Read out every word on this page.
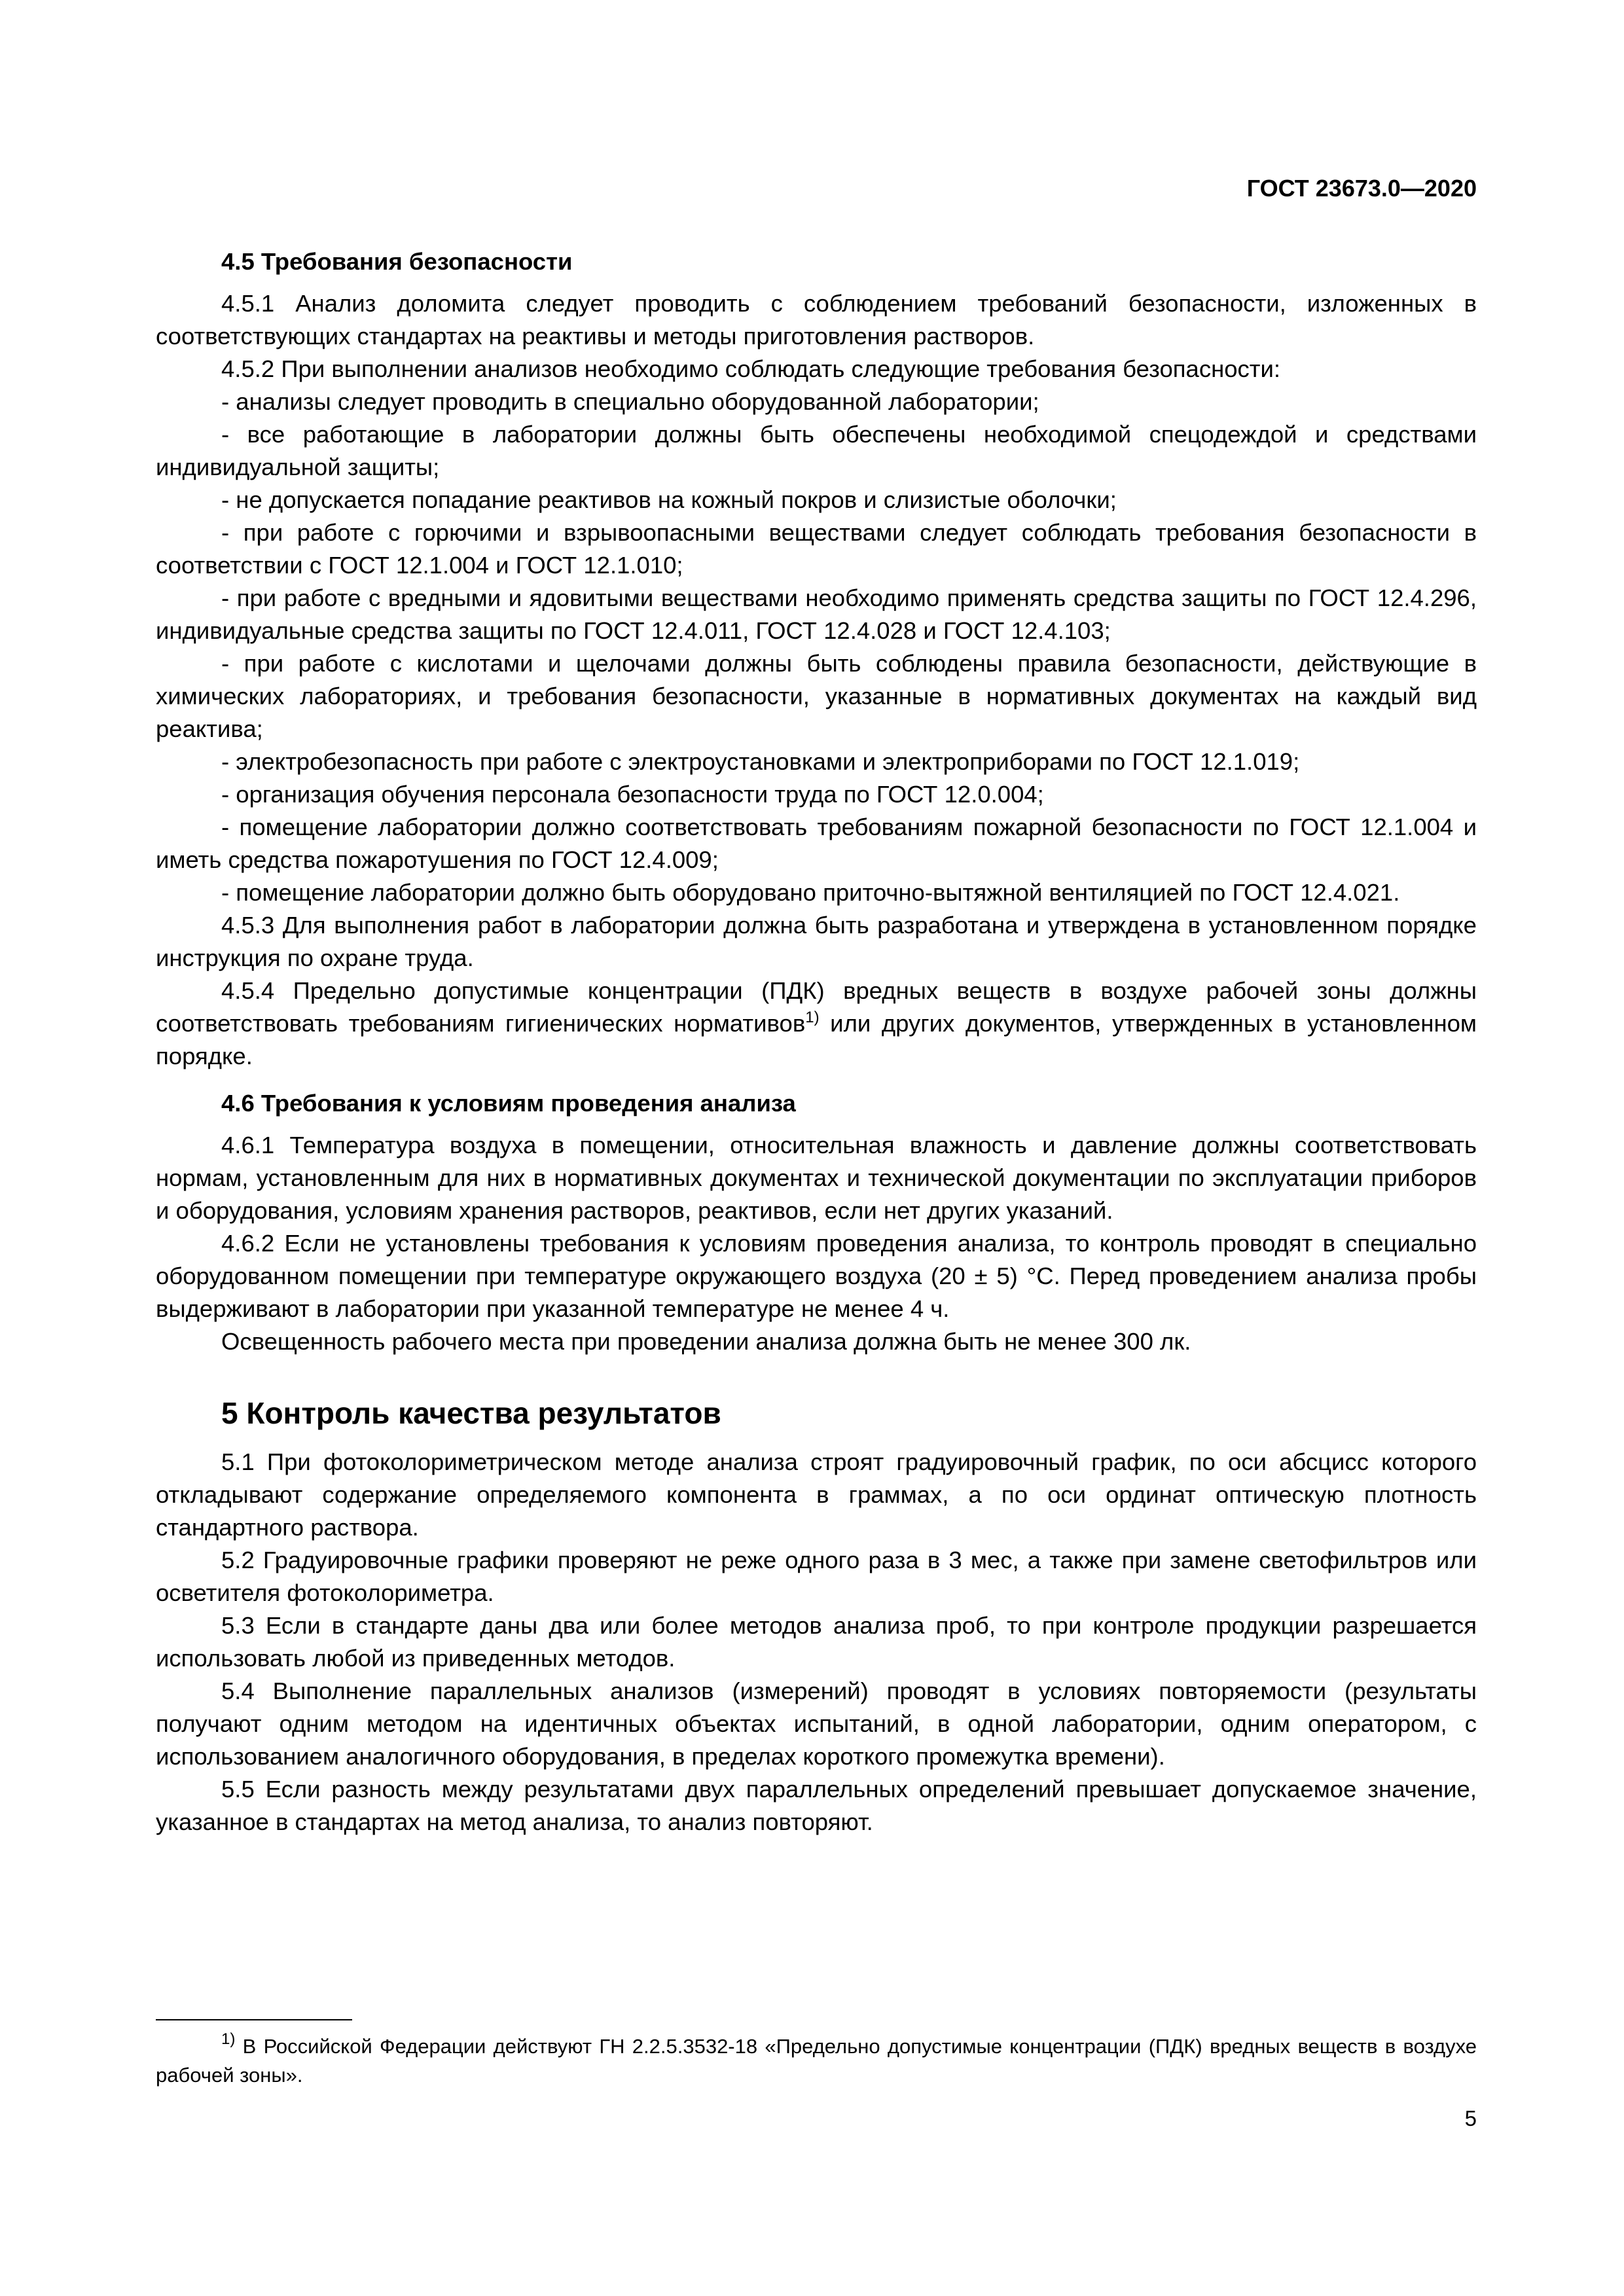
ГОСТ 23673.0—2020
4.5 Требования безопасности

4.5.1 Анализ доломита следует проводить с соблюдением требований безопасности, изложенных в соответствующих стандартах на реактивы и методы приготовления растворов.

4.5.2 При выполнении анализов необходимо соблюдать следующие требования безопасности:

- анализы следует проводить в специально оборудованной лаборатории;

- все работающие в лаборатории должны быть обеспечены необходимой спецодеждой и средствами индивидуальной защиты;

- не допускается попадание реактивов на кожный покров и слизистые оболочки;

- при работе с горючими и взрывоопасными веществами следует соблюдать требования безопасности в соответствии с ГОСТ 12.1.004 и ГОСТ 12.1.010;

- при работе с вредными и ядовитыми веществами необходимо применять средства защиты по ГОСТ 12.4.296, индивидуальные средства защиты по ГОСТ 12.4.011, ГОСТ 12.4.028 и ГОСТ 12.4.103;

- при работе с кислотами и щелочами должны быть соблюдены правила безопасности, действующие в химических лабораториях, и требования безопасности, указанные в нормативных документах на каждый вид реактива;

- электробезопасность при работе с электроустановками и электроприборами по ГОСТ 12.1.019;

- организация обучения персонала безопасности труда по ГОСТ 12.0.004;

- помещение лаборатории должно соответствовать требованиям пожарной безопасности по ГОСТ 12.1.004 и иметь средства пожаротушения по ГОСТ 12.4.009;

- помещение лаборатории должно быть оборудовано приточно-вытяжной вентиляцией по ГОСТ 12.4.021.

4.5.3 Для выполнения работ в лаборатории должна быть разработана и утверждена в установленном порядке инструкция по охране труда.

4.5.4 Предельно допустимые концентрации (ПДК) вредных веществ в воздухе рабочей зоны должны соответствовать требованиям гигиенических нормативов$^{1)}$ или других документов, утвержденных в установленном порядке.

4.6 Требования к условиям проведения анализа

4.6.1 Температура воздуха в помещении, относительная влажность и давление должны соответствовать нормам, установленным для них в нормативных документах и технической документации по эксплуатации приборов и оборудования, условиям хранения растворов, реактивов, если нет других указаний.

4.6.2 Если не установлены требования к условиям проведения анализа, то контроль проводят в специально оборудованном помещении при температуре окружающего воздуха (20 ± 5) °С. Перед проведением анализа пробы выдерживают в лаборатории при указанной температуре не менее 4 ч.

Освещенность рабочего места при проведении анализа должна быть не менее 300 лк.

5 Контроль качества результатов

5.1 При фотоколориметрическом методе анализа строят градуировочный график, по оси абсцисс которого откладывают содержание определяемого компонента в граммах, а по оси ординат оптическую плотность стандартного раствора.

5.2 Градуировочные графики проверяют не реже одного раза в 3 мес, а также при замене светофильтров или осветителя фотоколориметра.

5.3 Если в стандарте даны два или более методов анализа проб, то при контроле продукции разрешается использовать любой из приведенных методов.

5.4 Выполнение параллельных анализов (измерений) проводят в условиях повторяемости (результаты получают одним методом на идентичных объектах испытаний, в одной лаборатории, одним оператором, с использованием аналогичного оборудования, в пределах короткого промежутка времени).

5.5 Если разность между результатами двух параллельных определений превышает допускаемое значение, указанное в стандартах на метод анализа, то анализ повторяют.

$^{1)}$ В Российской Федерации действуют ГН 2.2.5.3532-18 «Предельно допустимые концентрации (ПДК) вредных веществ в воздухе рабочей зоны».

5
